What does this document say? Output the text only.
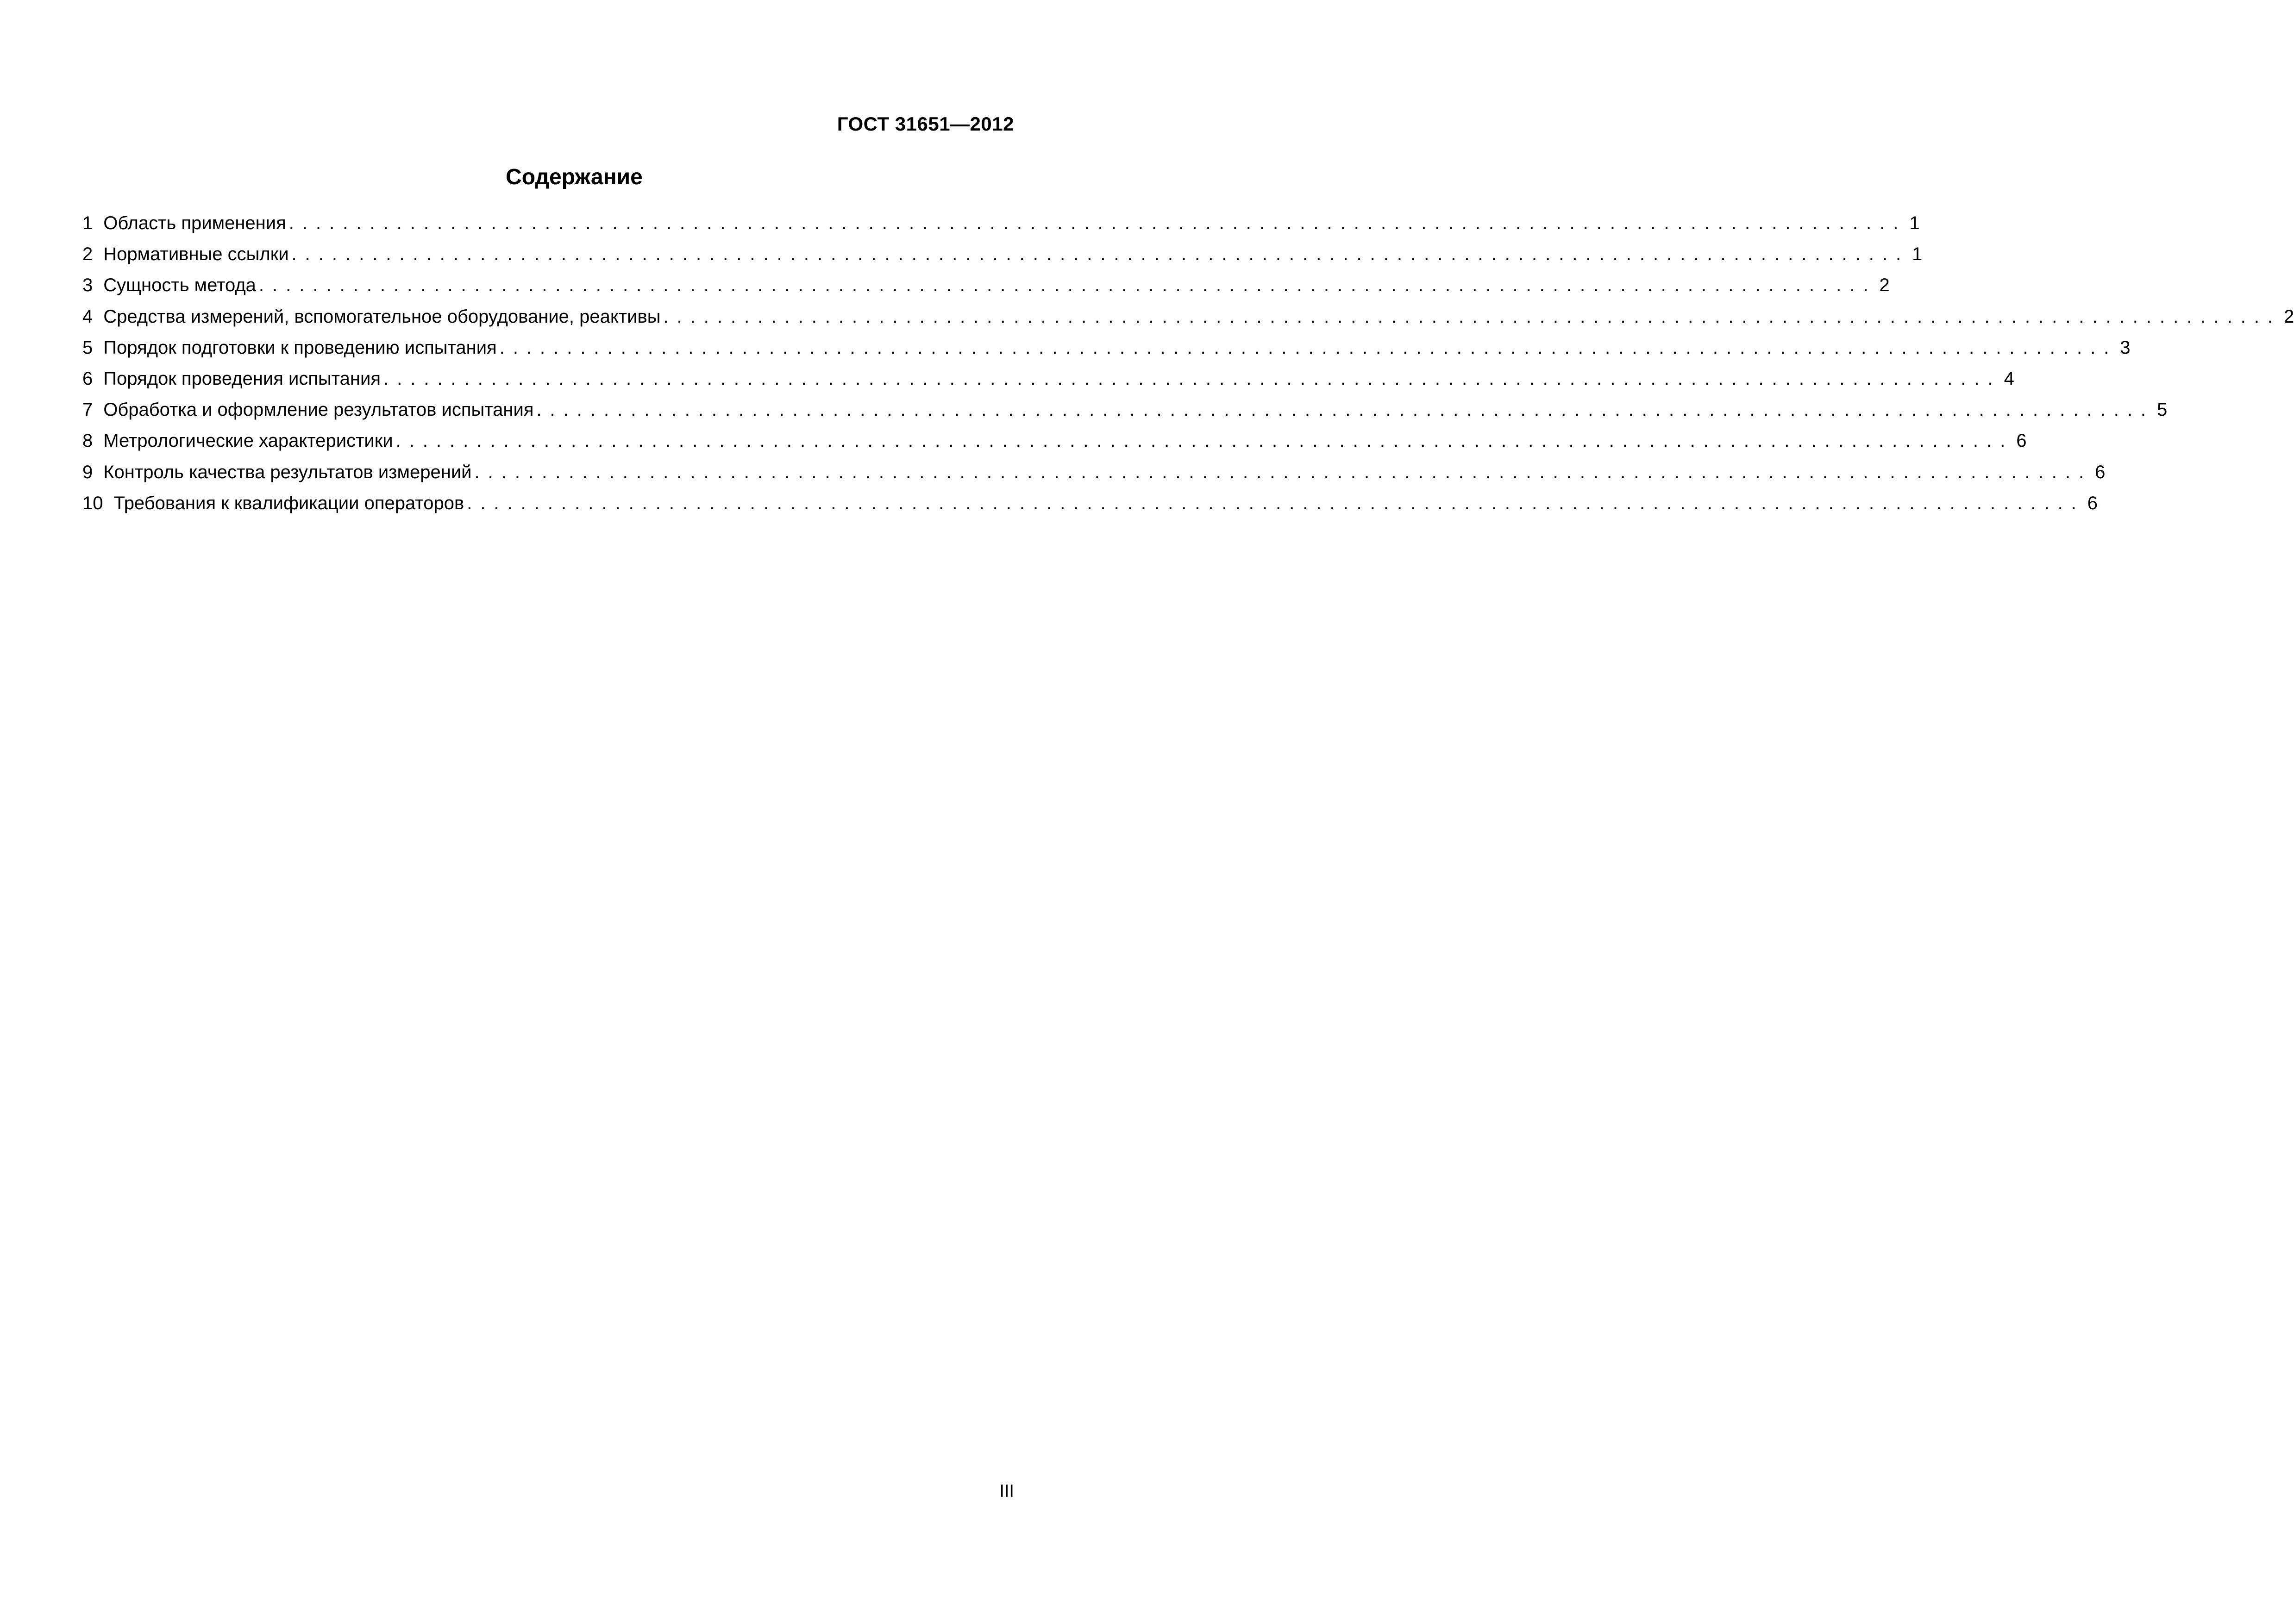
ГОСТ 31651—2012
Содержание
1 Область применения ........................................................................................................................ 1
2 Нормативные ссылки ........................................................................................................................ 1
3 Сущность метода ........................................................................................................................ 2
4 Средства измерений, вспомогательное оборудование, реактивы ........................................................................................................................ 2
5 Порядок подготовки к проведению испытания ........................................................................................................................ 3
6 Порядок проведения испытания ........................................................................................................................ 4
7 Обработка и оформление результатов испытания ........................................................................................................................ 5
8 Метрологические характеристики ........................................................................................................................ 6
9 Контроль качества результатов измерений ........................................................................................................................ 6
10 Требования к квалификации операторов ........................................................................................................................ 6
III
